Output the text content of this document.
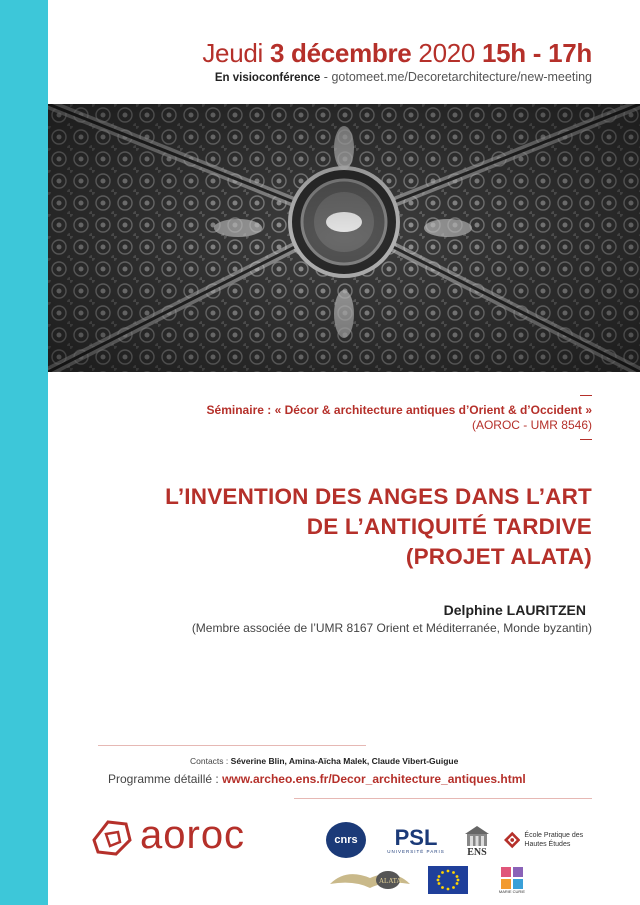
Jeudi 3 décembre 2020 15h - 17h
En visioconférence - gotomeet.me/Decoretarchitecture/new-meeting
Séminaire : « Décor & architecture antiques d’Orient & d’Occident »
(AOROC - UMR 8546)
L’INVENTION DES ANGES DANS L’ART
DE L’ANTIQUITÉ TARDIVE
(PROJET ALATA)
Delphine LAURITZEN
(Membre associée de l’UMR 8167 Orient et Méditerranée, Monde byzantin)
Contacts : Séverine Blin, Amina-Aïcha Malek, Claude Vibert-Guigue
Programme détaillé : www.archeo.ens.fr/Decor_architecture_antiques.html
aoroc	cnrs	PSL
UNIVERSITÉ PARIS ENS
École Pratique des Hautes Études
ALATA
MARIE CURIE
